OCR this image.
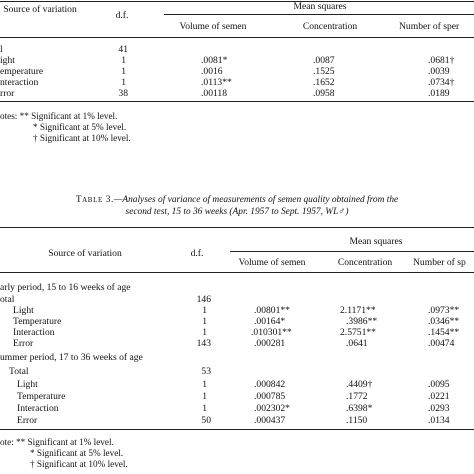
Source of variation
d.f.
Mean squares
Volume of semen	Concentration	Number of sper
l	41
ight	1	.0081*	.0087	.0681†
emperature	1	.0016	.1525	.0039
nteraction	1	.0113**	.1652	.0734†
rror	38	.00118	.0958	.0189
otes: ** Significant at 1% level.
* Significant at 5% level.
† Significant at 10% level.
Table 3.—Analyses of variance of measurements of semen quality obtained from the
second test, 15 to 36 weeks (Apr. 1957 to Sept. 1957, WL♂)
Source of variation	d.f.
Mean squares
Volume of semen	Concentration	Number of sp
arly period, 15 to 16 weeks of age
otal	146
Light	1	.00801**	2.1171**	.0973**
Temperature	1	.00164*	.3986**	.0346**
Interaction	1	.010301**	2.5751**	.1454**
Error	143	.000281	.0641	.00474
ummer period, 17 to 36 weeks of age
Total	53
Light	1	.000842	.4409†	.0095
Temperature	1	.000785	.1772	.0221
Interaction	1	.002302*	.6398*	.0293
Error	50	.000437	.1150	.0134
ote: ** Significant at 1% level.
* Significant at 5% level.
† Significant at 10% level.
